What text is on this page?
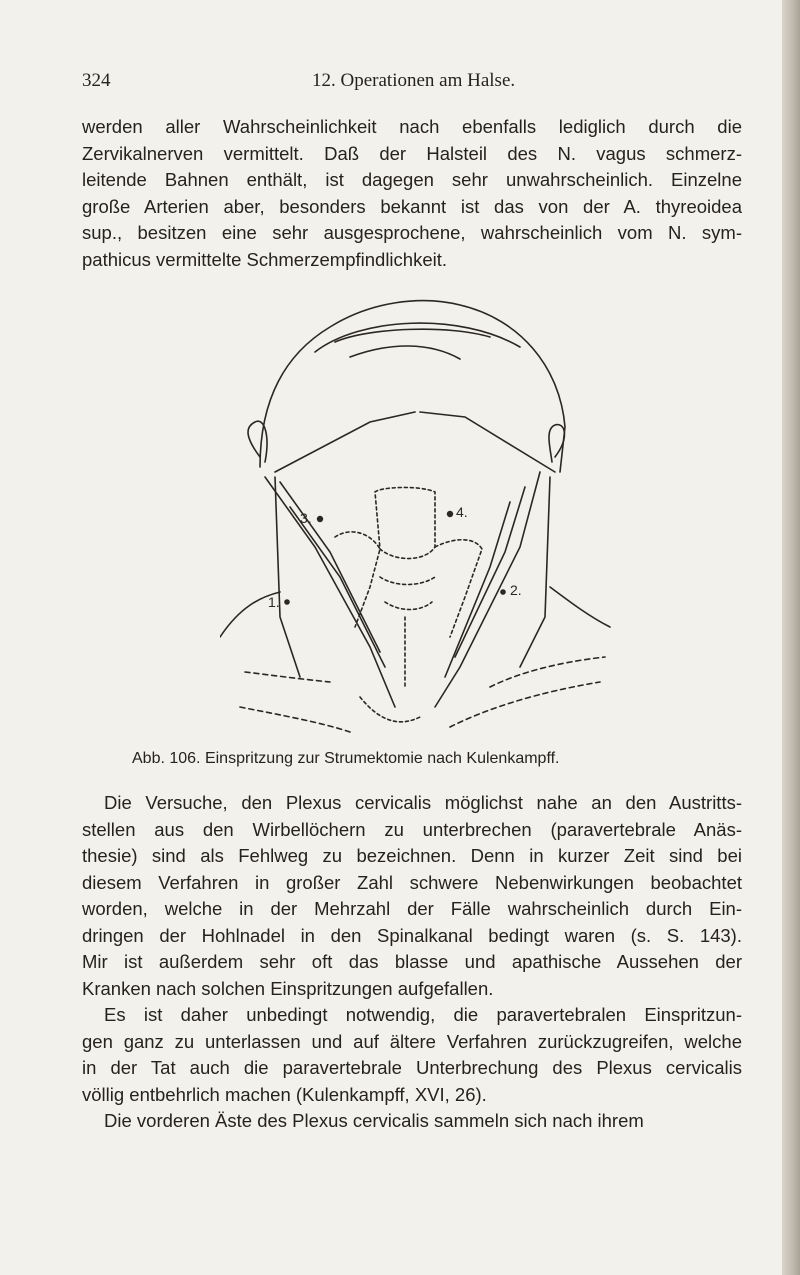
324	12. Operationen am Halse.

werden aller Wahrscheinlichkeit nach ebenfalls lediglich durch die
Zervikalnerven vermittelt. Daß der Halsteil des N. vagus schmerz-
leitende Bahnen enthält, ist dagegen sehr unwahrscheinlich. Einzelne
große Arterien aber, besonders bekannt ist das von der A. thyreoidea
sup., besitzen eine sehr ausgesprochene, wahrscheinlich vom N. sym-
pathicus vermittelte Schmerzempfindlichkeit.

1.
2.
3.	4.
Abb. 106. Einspritzung zur Strumektomie nach Kulenkampff.

Die Versuche, den Plexus cervicalis möglichst nahe an den Austritts-
stellen aus den Wirbellöchern zu unterbrechen (paravertebrale Anäs-
thesie) sind als Fehlweg zu bezeichnen. Denn in kurzer Zeit sind bei
diesem Verfahren in großer Zahl schwere Nebenwirkungen beobachtet
worden, welche in der Mehrzahl der Fälle wahrscheinlich durch Ein-
dringen der Hohlnadel in den Spinalkanal bedingt waren (s. S. 143).
Mir ist außerdem sehr oft das blasse und apathische Aussehen der
Kranken nach solchen Einspritzungen aufgefallen.

Es ist daher unbedingt notwendig, die paravertebralen Einspritzun-
gen ganz zu unterlassen und auf ältere Verfahren zurückzugreifen, welche
in der Tat auch die paravertebrale Unterbrechung des Plexus cervicalis
völlig entbehrlich machen (Kulenkampff, XVI, 26).

Die vorderen Äste des Plexus cervicalis sammeln sich nach ihrem
